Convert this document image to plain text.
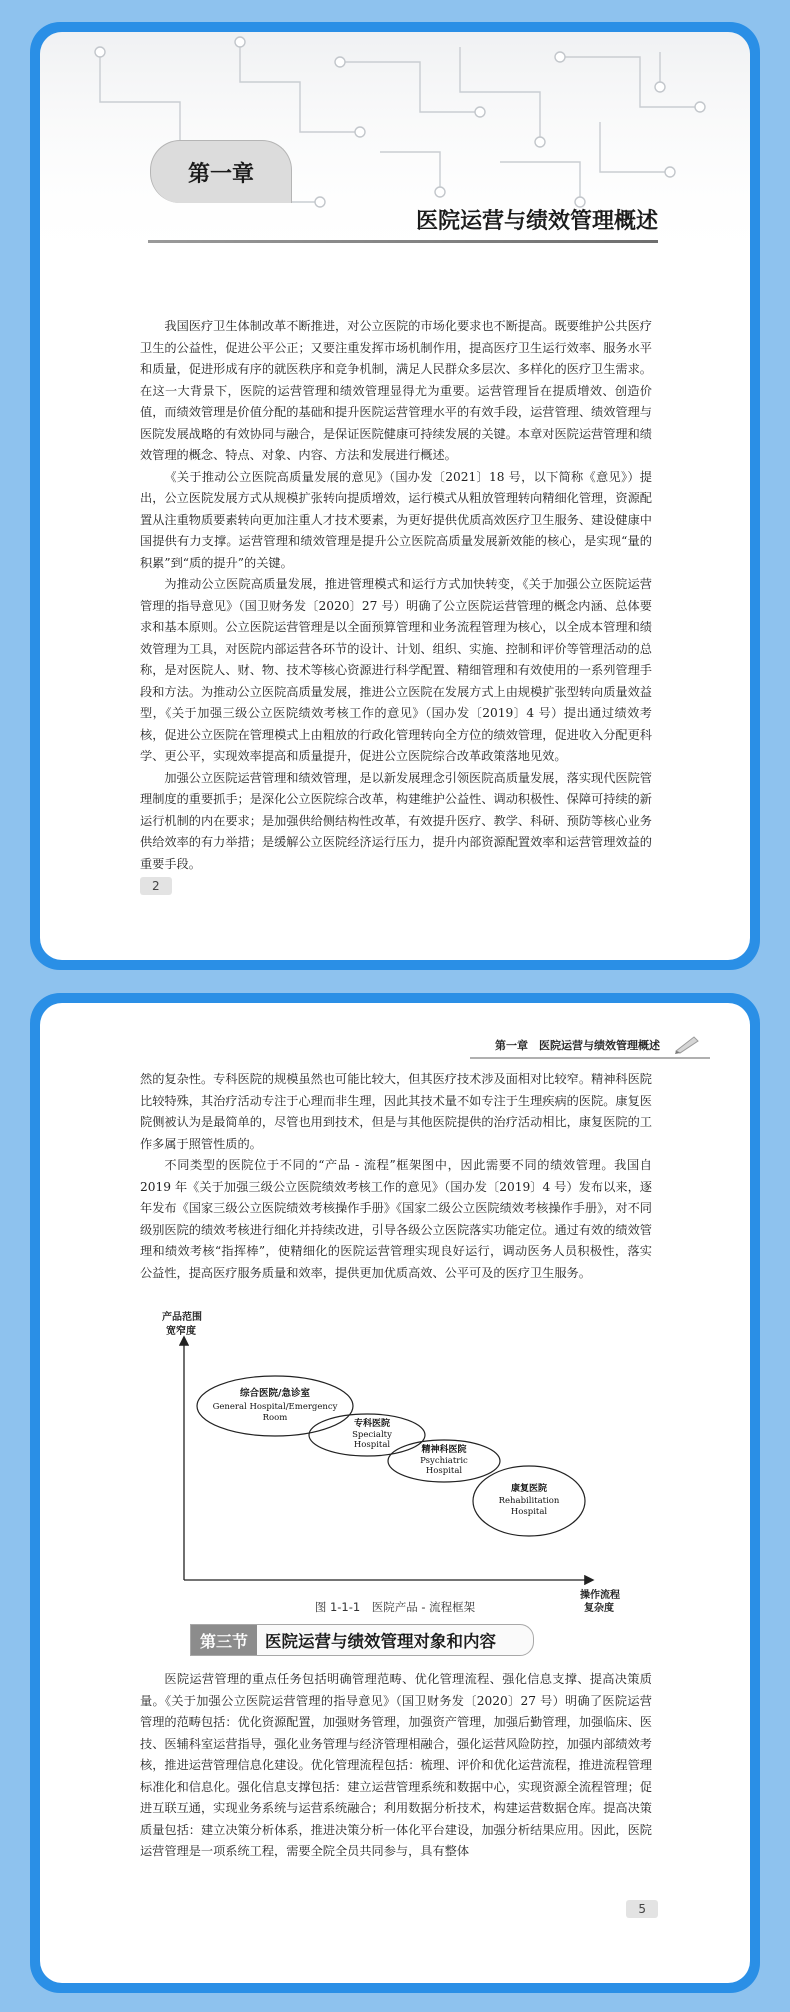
第一章
医院运营与绩效管理概述

我国医疗卫生体制改革不断推进，对公立医院的市场化要求也不断提高。既要维护公共医疗卫生的公益性，促进公平公正；又要注重发挥市场机制作用，提高医疗卫生运行效率、服务水平和质量，促进形成有序的就医秩序和竞争机制，满足人民群众多层次、多样化的医疗卫生需求。在这一大背景下，医院的运营管理和绩效管理显得尤为重要。运营管理旨在提质增效、创造价值，而绩效管理是价值分配的基础和提升医院运营管理水平的有效手段，运营管理、绩效管理与医院发展战略的有效协同与融合，是保证医院健康可持续发展的关键。本章对医院运营管理和绩效管理的概念、特点、对象、内容、方法和发展进行概述。

《关于推动公立医院高质量发展的意见》（国办发〔2021〕18 号，以下简称《意见》）提出，公立医院发展方式从规模扩张转向提质增效，运行模式从粗放管理转向精细化管理，资源配置从注重物质要素转向更加注重人才技术要素，为更好提供优质高效医疗卫生服务、建设健康中国提供有力支撑。运营管理和绩效管理是提升公立医院高质量发展新效能的核心，是实现“量的积累”到“质的提升”的关键。

为推动公立医院高质量发展，推进管理模式和运行方式加快转变，《关于加强公立医院运营管理的指导意见》（国卫财务发〔2020〕27 号）明确了公立医院运营管理的概念内涵、总体要求和基本原则。公立医院运营管理是以全面预算管理和业务流程管理为核心，以全成本管理和绩效管理为工具，对医院内部运营各环节的设计、计划、组织、实施、控制和评价等管理活动的总称，是对医院人、财、物、技术等核心资源进行科学配置、精细管理和有效使用的一系列管理手段和方法。为推动公立医院高质量发展，推进公立医院在发展方式上由规模扩张型转向质量效益型，《关于加强三级公立医院绩效考核工作的意见》（国办发〔2019〕4 号）提出通过绩效考核，促进公立医院在管理模式上由粗放的行政化管理转向全方位的绩效管理，促进收入分配更科学、更公平，实现效率提高和质量提升，促进公立医院综合改革政策落地见效。

加强公立医院运营管理和绩效管理，是以新发展理念引领医院高质量发展，落实现代医院管理制度的重要抓手；是深化公立医院综合改革，构建维护公益性、调动积极性、保障可持续的新运行机制的内在要求；是加强供给侧结构性改革，有效提升医疗、教学、科研、预防等核心业务供给效率的有力举措；是缓解公立医院经济运行压力，提升内部资源配置效率和运营管理效益的重要手段。

2
第一章　医院运营与绩效管理概述

然的复杂性。专科医院的规模虽然也可能比较大，但其医疗技术涉及面相对比较窄。精神科医院比较特殊，其治疗活动专注于心理而非生理，因此其技术量不如专注于生理疾病的医院。康复医院侧被认为是最简单的，尽管也用到技术，但是与其他医院提供的治疗活动相比，康复医院的工作多属于照管性质的。

不同类型的医院位于不同的“产品 - 流程”框架图中，因此需要不同的绩效管理。我国自 2019 年《关于加强三级公立医院绩效考核工作的意见》（国办发〔2019〕4 号）发布以来，逐年发布《国家三级公立医院绩效考核操作手册》《国家二级公立医院绩效考核操作手册》，对不同级别医院的绩效考核进行细化并持续改进，引导各级公立医院落实功能定位。通过有效的绩效管理和绩效考核“指挥棒”，使精细化的医院运营管理实现良好运行，调动医务人员积极性，落实公益性，提高医疗服务质量和效率，提供更加优质高效、公平可及的医疗卫生服务。

产品范围
宽窄度
操作流程
复杂度
综合医院/急诊室
General Hospital/Emergency
Room
专科医院
Specialty
Hospital	精神科医院
Psychiatric
Hospital
康复医院
Rehabilitation
Hospital
图 1-1-1　医院产品 - 流程框架
第三节	医院运营与绩效管理对象和内容

医院运营管理的重点任务包括明确管理范畴、优化管理流程、强化信息支撑、提高决策质量。《关于加强公立医院运营管理的指导意见》（国卫财务发〔2020〕27 号）明确了医院运营管理的范畴包括：优化资源配置，加强财务管理，加强资产管理，加强后勤管理，加强临床、医技、医辅科室运营指导，强化业务管理与经济管理相融合，强化运营风险防控，加强内部绩效考核，推进运营管理信息化建设。优化管理流程包括：梳理、评价和优化运营流程，推进流程管理标准化和信息化。强化信息支撑包括：建立运营管理系统和数据中心，实现资源全流程管理；促进互联互通，实现业务系统与运营系统融合；利用数据分析技术，构建运营数据仓库。提高决策质量包括：建立决策分析体系，推进决策分析一体化平台建设，加强分析结果应用。因此，医院运营管理是一项系统工程，需要全院全员共同参与，具有整体

5
